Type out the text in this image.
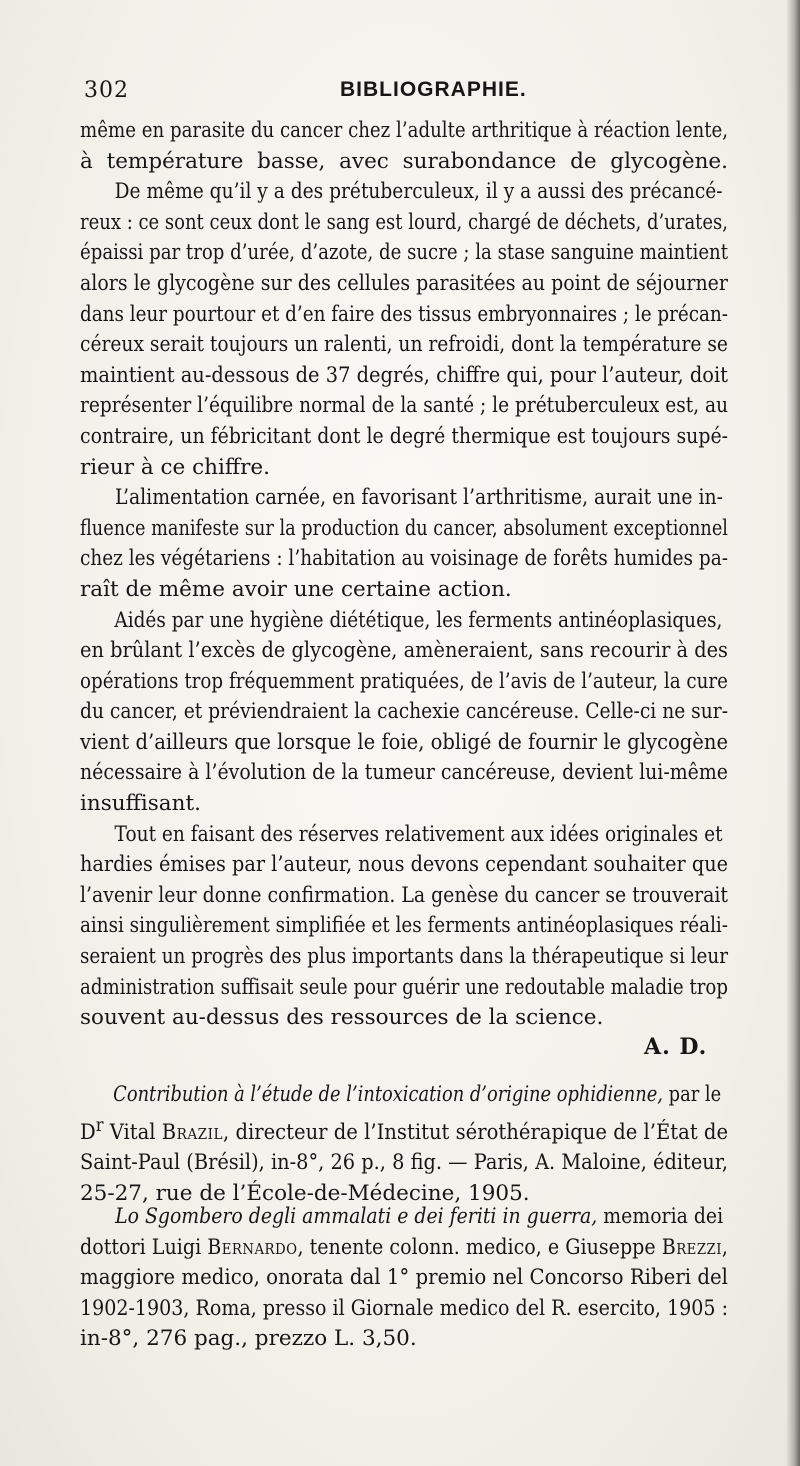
302	BIBLIOGRAPHIE.
même en parasite du cancer chez l’adulte arthritique à réaction lente,
à température basse, avec surabondance de glycogène.
De même qu’il y a des prétuberculeux, il y a aussi des précancé-
reux : ce sont ceux dont le sang est lourd, chargé de déchets, d’urates,
épaissi par trop d’urée, d’azote, de sucre ; la stase sanguine maintient
alors le glycogène sur des cellules parasitées au point de séjourner
dans leur pourtour et d’en faire des tissus embryonnaires ; le précan-
céreux serait toujours un ralenti, un refroidi, dont la température se
maintient au-dessous de 37 degrés, chiffre qui, pour l’auteur, doit
représenter l’équilibre normal de la santé ; le prétuberculeux est, au
contraire, un fébricitant dont le degré thermique est toujours supé-
rieur à ce chiffre.
L’alimentation carnée, en favorisant l’arthritisme, aurait une in-
fluence manifeste sur la production du cancer, absolument exceptionnel
chez les végétariens : l’habitation au voisinage de forêts humides pa-
raît de même avoir une certaine action.
Aidés par une hygiène diététique, les ferments antinéoplasiques,
en brûlant l’excès de glycogène, amèneraient, sans recourir à des
opérations trop fréquemment pratiquées, de l’avis de l’auteur, la cure
du cancer, et préviendraient la cachexie cancéreuse. Celle-ci ne sur-
vient d’ailleurs que lorsque le foie, obligé de fournir le glycogène
nécessaire à l’évolution de la tumeur cancéreuse, devient lui-même
insuffisant.
Tout en faisant des réserves relativement aux idées originales et
hardies émises par l’auteur, nous devons cependant souhaiter que
l’avenir leur donne confirmation. La genèse du cancer se trouverait
ainsi singulièrement simplifiée et les ferments antinéoplasiques réali-
seraient un progrès des plus importants dans la thérapeutique si leur
administration suffisait seule pour guérir une redoutable maladie trop
souvent au-dessus des ressources de la science.
A. D.
Contribution à l’étude de l’intoxication d’origine ophidienne, par le
$D^r$ Vital Brazil, directeur de l’Institut sérothérapique de l’État de
Saint-Paul (Brésil), in-8°, 26 p., 8 fig. — Paris, A. Maloine, éditeur,
25-27, rue de l’École-de-Médecine, 1905.
Lo Sgombero degli ammalati e dei feriti in guerra, memoria dei
dottori Luigi Bernardo, tenente colonn. medico, e Giuseppe Brezzi,
maggiore medico, onorata dal 1° premio nel Concorso Riberi del
1902-1903, Roma, presso il Giornale medico del R. esercito, 1905 :
in-8°, 276 pag., prezzo L. 3,50.
